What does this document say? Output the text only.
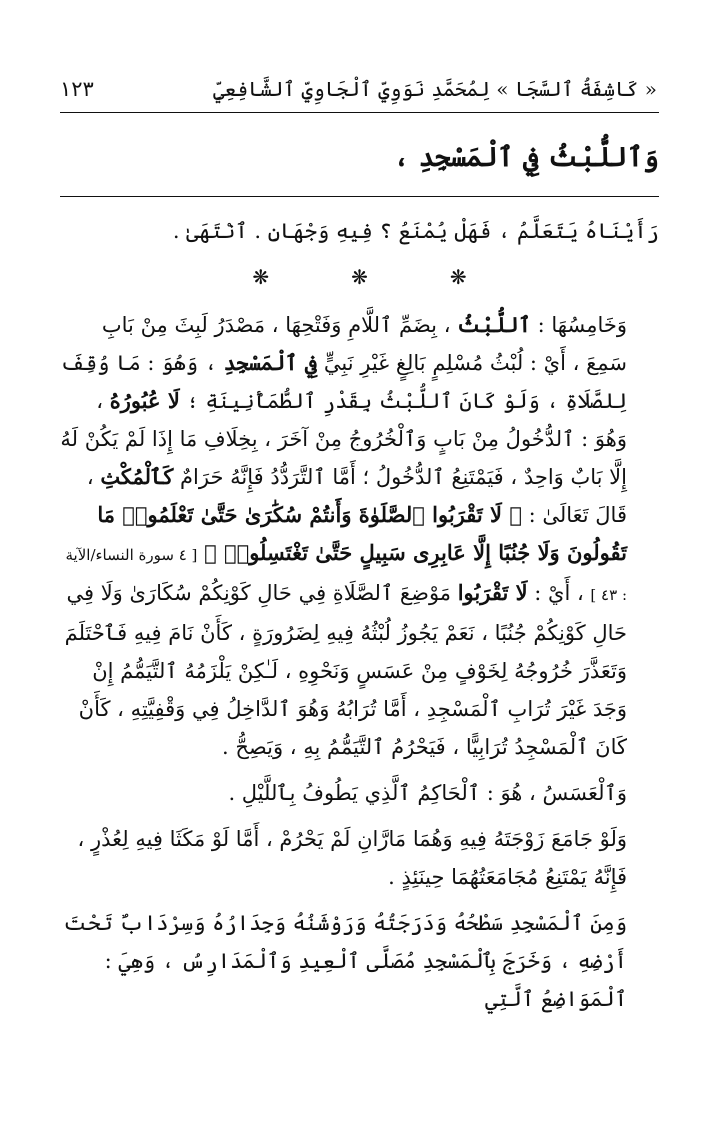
« كَاشِفَةُ ٱلسَّجَا » لِمُحَمَّدِ نَوَوِيِّ ٱلْجَاوِيِّ ٱلشَّافِعِيِّ
١٢٣
وَٱللُّبْثُ فِي ٱلْمَسْجِدِ ،

رَأَيْنَاهُ يَتَعَلَّمُ ، فَهَلْ يُمْنَعُ ؟ فِيهِ وَجْهَانِ . ٱنْتَهَىٰ .

❋	❋	❋

وَخَامِسُهَا : ٱللُّبْثُ ، بِضَمِّ ٱللَّامِ وَفَتْحِهَا ، مَصْدَرُ لَبِثَ مِنْ بَابِ سَمِعَ ، أَيْ : لُبْثُ مُسْلِمٍ بَالِغٍ غَيْرِ نَبِيٍّ فِي ٱلْمَسْجِدِ ، وَهُوَ : مَا وُقِفَ لِلصَّلَاةِ ، وَلَوْ كَانَ ٱللُّبْثُ بِقَدْرِ ٱلطُّمَأْنِينَةِ ؛ لَا عُبُورُهُ ، وَهُوَ : ٱلدُّخُولُ مِنْ بَابٍ وَٱلْخُرُوجُ مِنْ آخَرَ ، بِخِلَافِ مَا إِذَا لَمْ يَكُنْ لَهُ إِلَّا بَابٌ وَاحِدٌ ، فَيَمْتَنِعُ ٱلدُّخُولُ ؛ أَمَّا ٱلتَّرَدُّدُ فَإِنَّهُ حَرَامٌ كَٱلْمُكْثِ ، قَالَ تَعَالَىٰ : ﴿ لَا تَقْرَبُوا ٱلصَّلَوٰةَ وَأَنتُمْ سُكَٰرَىٰ حَتَّىٰ تَعْلَمُوا۟ مَا تَقُولُونَ وَلَا جُنُبًا إِلَّا عَابِرِى سَبِيلٍ حَتَّىٰ تَغْتَسِلُوا۟ ﴾ [ ٤ سورة النساء/الآية : ٤٣ ] ، أَيْ : لَا تَقْرَبُوا مَوْضِعَ ٱلصَّلَاةِ فِي حَالِ كَوْنِكُمْ سُكَارَىٰ وَلَا فِي حَالِ كَوْنِكُمْ جُنُبًا ، نَعَمْ يَجُوزُ لُبْثُهُ فِيهِ لِضَرُورَةٍ ، كَأَنْ نَامَ فِيهِ فَٱحْتَلَمَ وَتَعَذَّرَ خُرُوجُهُ لِخَوْفٍ مِنْ عَسَسٍ وَنَحْوِهِ ، لَـٰكِنْ يَلْزَمُهُ ٱلتَّيَمُّمُ إِنْ وَجَدَ غَيْرَ تُرَابِ ٱلْمَسْجِدِ ، أَمَّا تُرَابُهُ وَهُوَ ٱلدَّاخِلُ فِي وَقْفِيَّتِهِ ، كَأَنْ كَانَ ٱلْمَسْجِدُ تُرَابِيًّا ، فَيَحْرُمُ ٱلتَّيَمُّمُ بِهِ ، وَيَصِحُّ .

وَٱلْعَسَسُ ، هُوَ : ٱلْحَاكِمُ ٱلَّذِي يَطُوفُ بِٱللَّيْلِ .

وَلَوْ جَامَعَ زَوْجَتَهُ فِيهِ وَهُمَا مَارَّانِ لَمْ يَحْرُمْ ، أَمَّا لَوْ مَكَثَا فِيهِ لِعُذْرٍ ، فَإِنَّهُ يَمْتَنِعُ مُجَامَعَتُهُمَا حِينَئِذٍ .

وَمِنَ ٱلْمَسْجِدِ سَطْحُهُ وَدَرَجَتُهُ وَرَوْشَنُهُ وَجِدَارُهُ وَسِرْدَابٌ تَحْتَ أَرْضِهِ ، وَخَرَجَ بِٱلْمَسْجِدِ مُصَلَّى ٱلْعِيدِ وَٱلْمَدَارِسُ ، وَهِيَ : ٱلْمَوَاضِعُ ٱلَّتِي
